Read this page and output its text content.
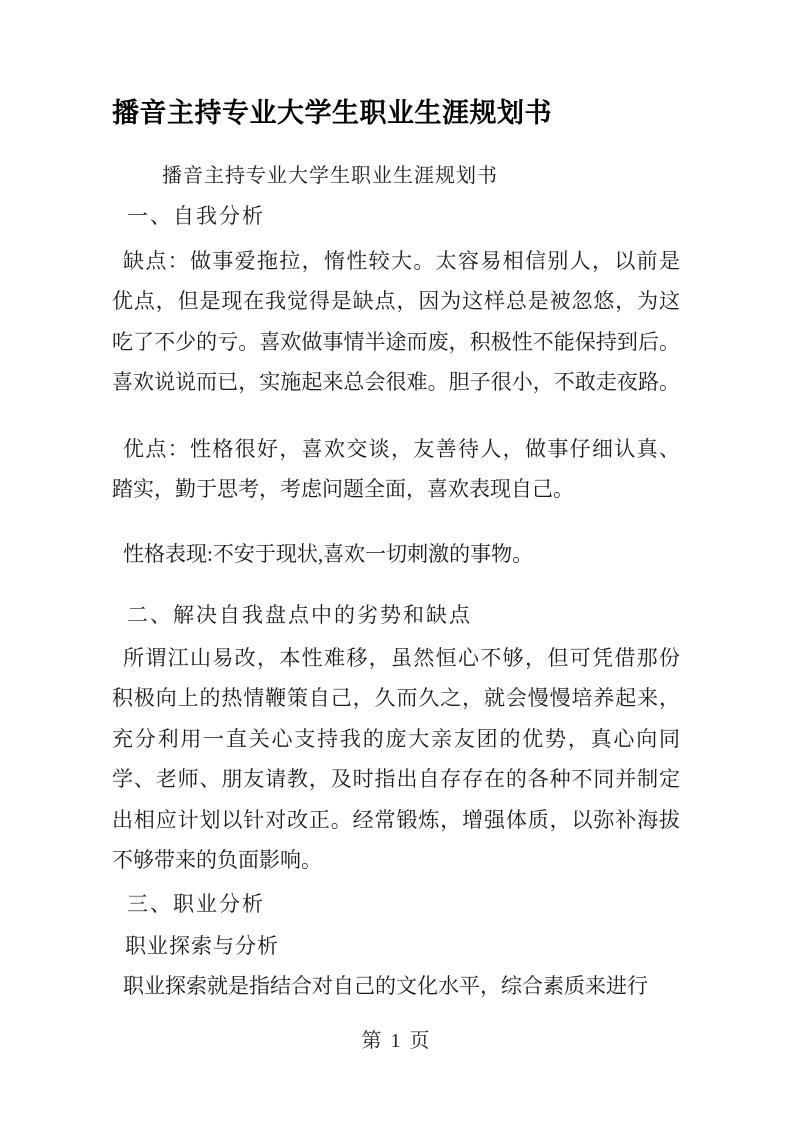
播音主持专业大学生职业生涯规划书
播音主持专业大学生职业生涯规划书
一、自我分析
缺点：做事爱拖拉，惰性较大。太容易相信别人，以前是
优点，但是现在我觉得是缺点，因为这样总是被忽悠，为这
吃了不少的亏。喜欢做事情半途而废，积极性不能保持到后。
喜欢说说而已，实施起来总会很难。胆子很小，不敢走夜路。
优点：性格很好，喜欢交谈，友善待人，做事仔细认真、
踏实，勤于思考，考虑问题全面，喜欢表现自己。
性格表现:不安于现状,喜欢一切刺激的事物。
二、解决自我盘点中的劣势和缺点
所谓江山易改，本性难移，虽然恒心不够，但可凭借那份
积极向上的热情鞭策自己，久而久之，就会慢慢培养起来，
充分利用一直关心支持我的庞大亲友团的优势，真心向同
学、老师、朋友请教，及时指出自存存在的各种不同并制定
出相应计划以针对改正。经常锻炼，增强体质，以弥补海拔
不够带来的负面影响。
三、职业分析
职业探索与分析
职业探索就是指结合对自己的文化水平，综合素质来进行
第 1 页
